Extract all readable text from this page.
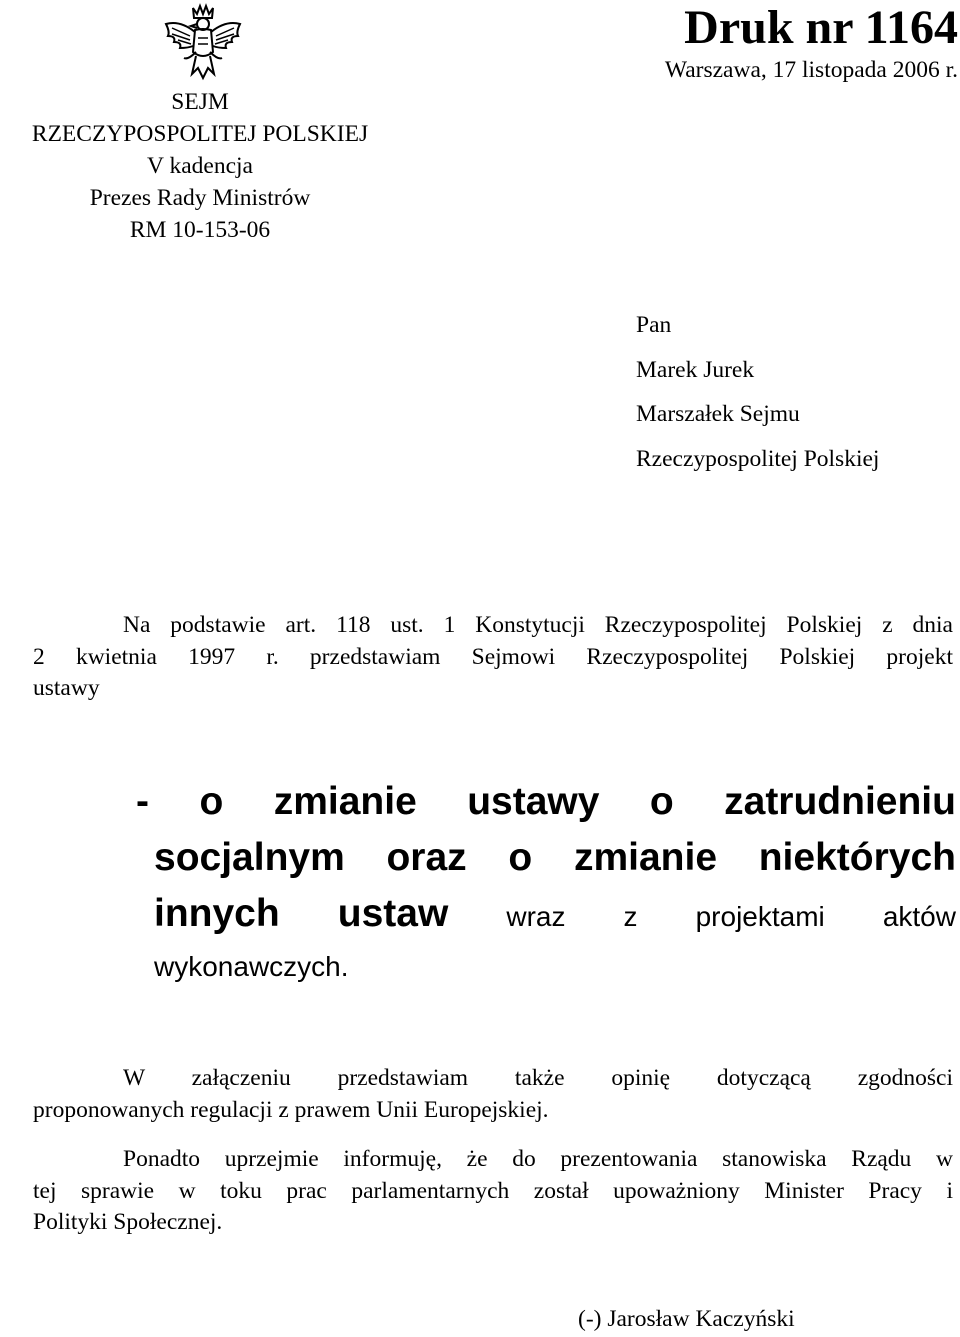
SEJM
RZECZYPOSPOLITEJ POLSKIEJ
V kadencja
Prezes Rady Ministrów
RM 10-153-06
Druk nr 1164
Warszawa, 17 listopada 2006 r.
Pan
Marek Jurek
Marszałek Sejmu
Rzeczypospolitej Polskiej
Na podstawie art. 118 ust. 1 Konstytucji Rzeczypospolitej Polskiej z dnia
2 kwietnia 1997 r. przedstawiam Sejmowi Rzeczypospolitej Polskiej projekt
ustawy
- o zmianie ustawy o zatrudnieniu
socjalnym oraz o zmianie niektórych
innych ustaw wraz z projektami aktów
wykonawczych.
W załączeniu przedstawiam także opinię dotyczącą zgodności
proponowanych regulacji z prawem Unii Europejskiej.
Ponadto uprzejmie informuję, że do prezentowania stanowiska Rządu w
tej sprawie w toku prac parlamentarnych został upoważniony Minister Pracy i
Polityki Społecznej.
(-) Jarosław Kaczyński
